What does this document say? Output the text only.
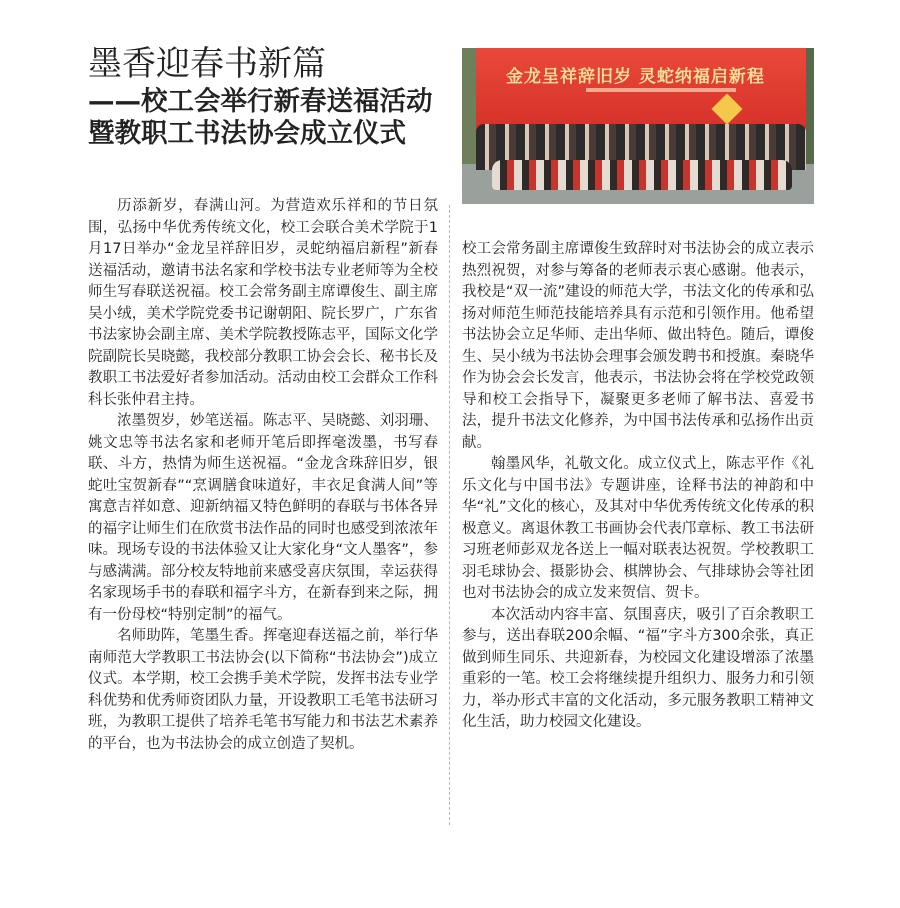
墨香迎春书新篇
——校工会举行新春送福活动暨教职工书法协会成立仪式
金龙呈祥辞旧岁 灵蛇纳福启新程

历添新岁，春满山河。为营造欢乐祥和的节日氛围，弘扬中华优秀传统文化，校工会联合美术学院于1月17日举办“金龙呈祥辞旧岁，灵蛇纳福启新程”新春送福活动，邀请书法名家和学校书法专业老师等为全校师生写春联送祝福。校工会常务副主席谭俊生、副主席吴小绒，美术学院党委书记谢朝阳、院长罗广，广东省书法家协会副主席、美术学院教授陈志平，国际文化学院副院长吴晓懿，我校部分教职工协会会长、秘书长及教职工书法爱好者参加活动。活动由校工会群众工作科科长张仲君主持。

浓墨贺岁，妙笔送福。陈志平、吴晓懿、刘羽珊、姚文忠等书法名家和老师开笔后即挥毫泼墨，书写春联、斗方，热情为师生送祝福。“金龙含珠辞旧岁，银蛇吐宝贺新春”“烹调膳食味道好，丰衣足食满人间”等寓意吉祥如意、迎新纳福又特色鲜明的春联与书体各异的福字让师生们在欣赏书法作品的同时也感受到浓浓年味。现场专设的书法体验又让大家化身“文人墨客”，参与感满满。部分校友特地前来感受喜庆氛围，幸运获得名家现场手书的春联和福字斗方，在新春到来之际，拥有一份母校“特别定制”的福气。

名师助阵，笔墨生香。挥毫迎春送福之前，举行华南师范大学教职工书法协会(以下简称“书法协会”)成立仪式。本学期，校工会携手美术学院，发挥书法专业学科优势和优秀师资团队力量，开设教职工毛笔书法研习班，为教职工提供了培养毛笔书写能力和书法艺术素养的平台，也为书法协会的成立创造了契机。

校工会常务副主席谭俊生致辞时对书法协会的成立表示热烈祝贺，对参与筹备的老师表示衷心感谢。他表示，我校是“双一流”建设的师范大学，书法文化的传承和弘扬对师范生师范技能培养具有示范和引领作用。他希望书法协会立足华师、走出华师、做出特色。随后，谭俊生、吴小绒为书法协会理事会颁发聘书和授旗。秦晓华作为协会会长发言，他表示，书法协会将在学校党政领导和校工会指导下，凝聚更多老师了解书法、喜爱书法，提升书法文化修养，为中国书法传承和弘扬作出贡献。

翰墨风华，礼敬文化。成立仪式上，陈志平作《礼乐文化与中国书法》专题讲座，诠释书法的神韵和中华“礼”文化的核心，及其对中华优秀传统文化传承的积极意义。离退休教工书画协会代表邝章标、教工书法研习班老师彭双龙各送上一幅对联表达祝贺。学校教职工羽毛球协会、摄影协会、棋牌协会、气排球协会等社团也对书法协会的成立发来贺信、贺卡。

本次活动内容丰富、氛围喜庆，吸引了百余教职工参与，送出春联200余幅、“福”字斗方300余张，真正做到师生同乐、共迎新春，为校园文化建设增添了浓墨重彩的一笔。校工会将继续提升组织力、服务力和引领力，举办形式丰富的文化活动，多元服务教职工精神文化生活，助力校园文化建设。
